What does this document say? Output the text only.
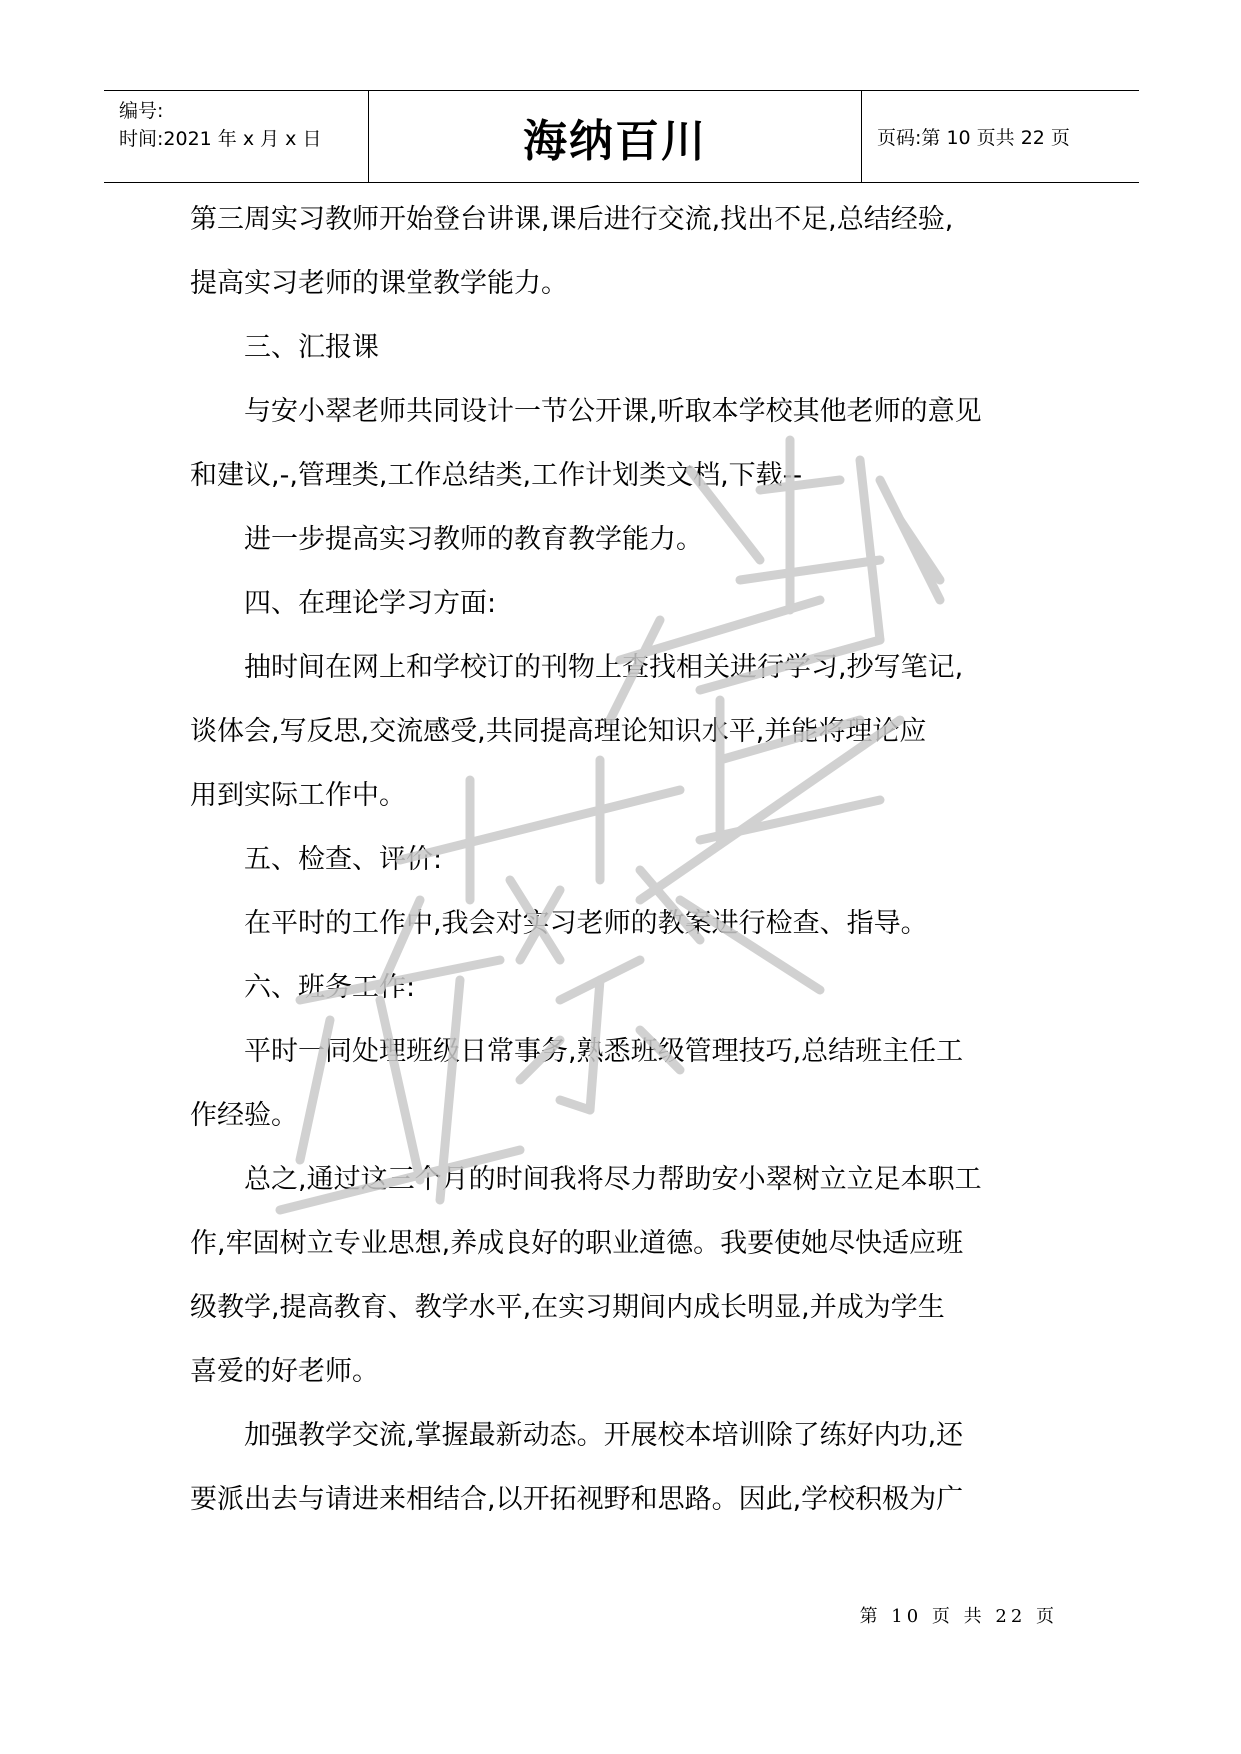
编号:
时间:2021 年 x 月 x 日	海纳百川	页码:第 10 页共 22 页

第三周实习教师开始登台讲课,课后进行交流,找出不足,总结经验,

提高实习老师的课堂教学能力。

三、汇报课

与安小翠老师共同设计一节公开课,听取本学校其他老师的意见

和建议,-,管理类,工作总结类,工作计划类文档,下载--

进一步提高实习教师的教育教学能力。

四、在理论学习方面:

抽时间在网上和学校订的刊物上查找相关进行学习,抄写笔记,

谈体会,写反思,交流感受,共同提高理论知识水平,并能将理论应

用到实际工作中。

五、检查、评价:

在平时的工作中,我会对实习老师的教案进行检查、指导。

六、班务工作:

平时一同处理班级日常事务,熟悉班级管理技巧,总结班主任工

作经验。

总之,通过这三个月的时间我将尽力帮助安小翠树立立足本职工

作,牢固树立专业思想,养成良好的职业道德。我要使她尽快适应班

级教学,提高教育、教学水平,在实习期间内成长明显,并成为学生

喜爱的好老师。

加强教学交流,掌握最新动态。开展校本培训除了练好内功,还

要派出去与请进来相结合,以开拓视野和思路。因此,学校积极为广

第 10 页 共 22 页
